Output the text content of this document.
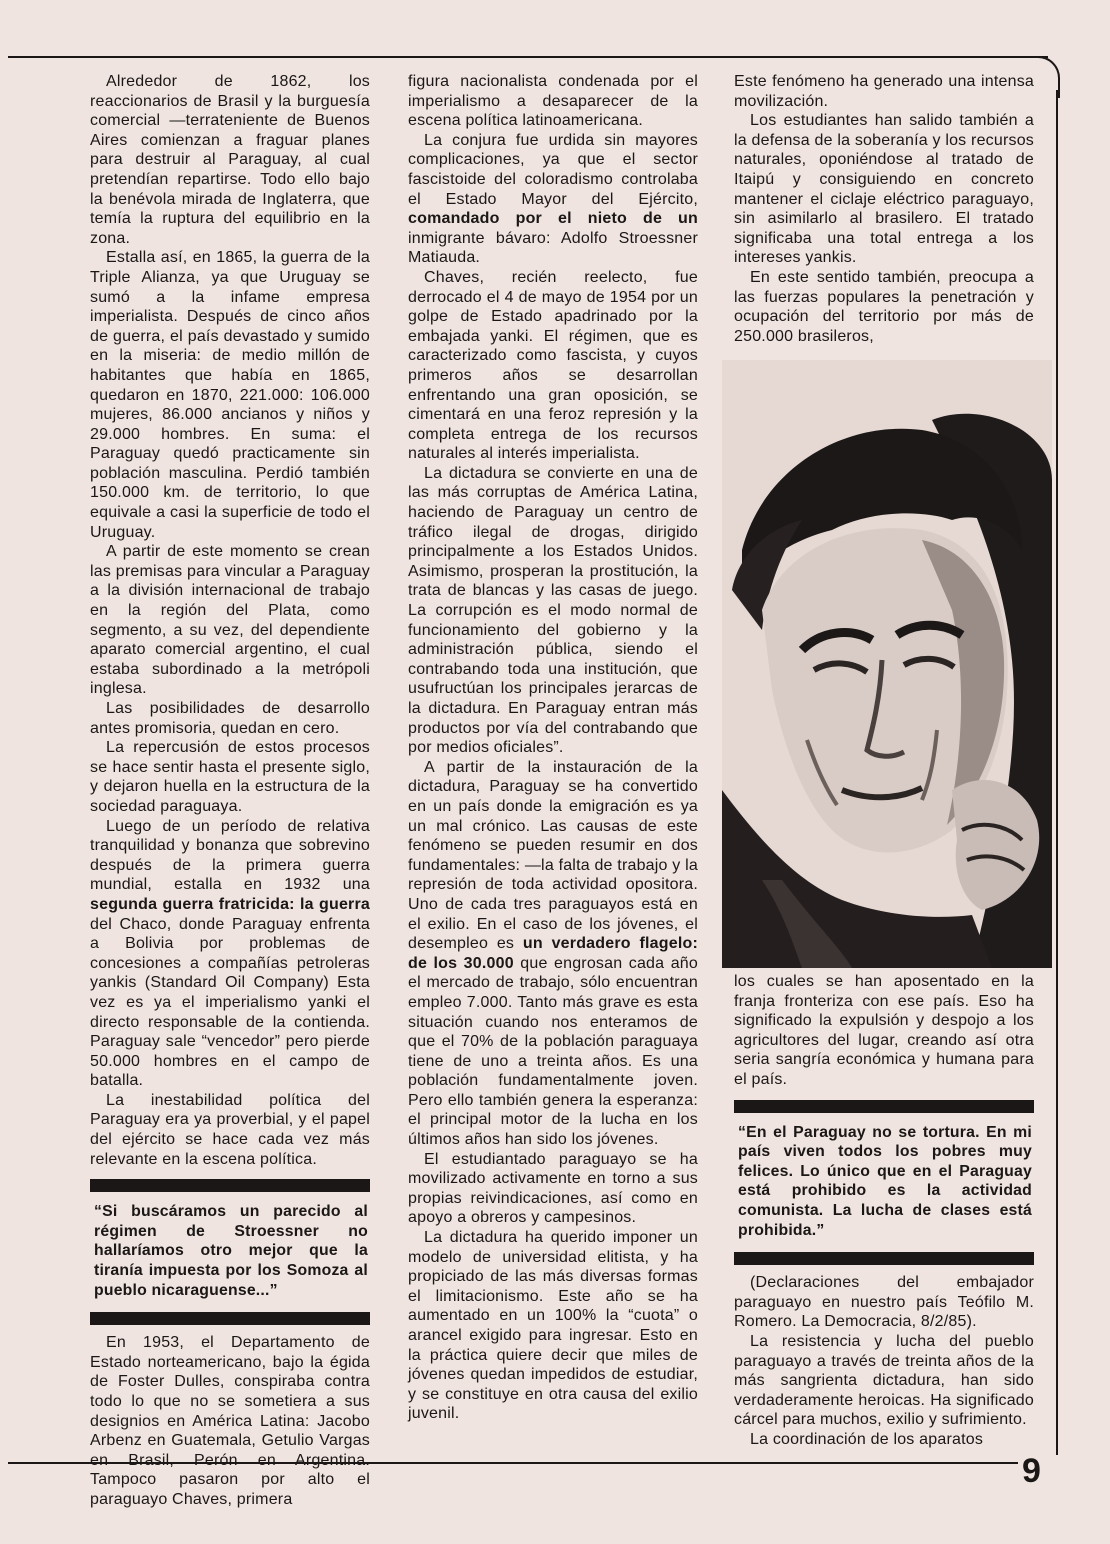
9

Alrededor de 1862, los reaccionarios de Brasil y la burguesía comercial —terrateniente de Buenos Aires comienzan a fraguar planes para destruir al Paraguay, al cual pretendían repartirse. Todo ello bajo la benévola mirada de Inglaterra, que temía la ruptura del equilibrio en la zona.

Estalla así, en 1865, la guerra de la Triple Alianza, ya que Uruguay se sumó a la infame empresa imperialista. Después de cinco años de guerra, el país devastado y sumido en la miseria: de medio millón de habitantes que había en 1865, quedaron en 1870, 221.000: 106.000 mujeres, 86.000 ancianos y niños y 29.000 hombres. En suma: el Paraguay quedó practicamente sin población masculina. Perdió también 150.000 km. de territorio, lo que equivale a casi la superficie de todo el Uruguay.

A partir de este momento se crean las premisas para vincular a Paraguay a la división internacional de trabajo en la región del Plata, como segmento, a su vez, del dependiente aparato comercial argentino, el cual estaba subordinado a la metrópoli inglesa.

Las posibilidades de desarrollo antes promisoria, quedan en cero.

La repercusión de estos procesos se hace sentir hasta el presente siglo, y dejaron huella en la estructura de la sociedad paraguaya.

Luego de un período de relativa tranquilidad y bonanza que sobrevino después de la primera guerra mundial, estalla en 1932 una segunda guerra fratricida: la guerra del Chaco, donde Paraguay enfrenta a Bolivia por problemas de concesiones a compañías petroleras yankis (Standard Oil Company) Esta vez es ya el imperialismo yanki el directo responsable de la contienda. Paraguay sale “vencedor” pero pierde 50.000 hombres en el campo de batalla.

La inestabilidad política del Paraguay era ya proverbial, y el papel del ejército se hace cada vez más relevante en la escena política.

“Si buscáramos un parecido al régimen de Stroessner no hallaríamos otro mejor que la tiranía impuesta por los Somoza al pueblo nicaraguense...”

En 1953, el Departamento de Estado norteamericano, bajo la égida de Foster Dulles, conspiraba contra todo lo que no se sometiera a sus designios en América Latina: Jacobo Arbenz en Guatemala, Getulio Vargas en Brasil, Perón en Argentina. Tampoco pasaron por alto el paraguayo Chaves, primera

figura nacionalista condenada por el imperialismo a desaparecer de la escena política latinoamericana.

La conjura fue urdida sin mayores complicaciones, ya que el sector fascistoide del coloradismo controlaba el Estado Mayor del Ejército, comandado por el nieto de un inmigrante bávaro: Adolfo Stroessner Matiauda.

Chaves, recién reelecto, fue derrocado el 4 de mayo de 1954 por un golpe de Estado apadrinado por la embajada yanki. El régimen, que es caracterizado como fascista, y cuyos primeros años se desarrollan enfrentando una gran oposición, se cimentará en una feroz represión y la completa entrega de los recursos naturales al interés imperialista.

La dictadura se convierte en una de las más corruptas de América Latina, haciendo de Paraguay un centro de tráfico ilegal de drogas, dirigido principalmente a los Estados Unidos. Asimismo, prosperan la prostitución, la trata de blancas y las casas de juego. La corrupción es el modo normal de funcionamiento del gobierno y la administración pública, siendo el contrabando toda una institución, que usufructúan los principales jerarcas de la dictadura. En Paraguay entran más productos por vía del contrabando que por medios oficiales”.

A partir de la instauración de la dictadura, Paraguay se ha convertido en un país donde la emigración es ya un mal crónico. Las causas de este fenómeno se pueden resumir en dos fundamentales: —la falta de trabajo y la represión de toda actividad opositora. Uno de cada tres paraguayos está en el exilio. En el caso de los jóvenes, el desempleo es un verdadero flagelo: de los 30.000 que engrosan cada año el mercado de trabajo, sólo encuentran empleo 7.000. Tanto más grave es esta situación cuando nos enteramos de que el 70% de la población paraguaya tiene de uno a treinta años. Es una población fundamentalmente joven. Pero ello también genera la esperanza: el principal motor de la lucha en los últimos años han sido los jóvenes.

El estudiantado paraguayo se ha movilizado activamente en torno a sus propias reivindicaciones, así como en apoyo a obreros y campesinos.

La dictadura ha querido imponer un modelo de universidad elitista, y ha propiciado de las más diversas formas el limitacionismo. Este año se ha aumentado en un 100% la “cuota” o arancel exigido para ingresar. Esto en la práctica quiere decir que miles de jóvenes quedan impedidos de estudiar, y se constituye en otra causa del exilio juvenil.

Este fenómeno ha generado una intensa movilización.

Los estudiantes han salido también a la defensa de la soberanía y los recursos naturales, oponiéndose al tratado de Itaipú y consiguiendo en concreto mantener el ciclaje eléctrico paraguayo, sin asimilarlo al brasilero. El tratado significaba una total entrega a los intereses yankis.

En este sentido también, preocupa a las fuerzas populares la penetración y ocupación del territorio por más de 250.000 brasileros,

los cuales se han aposentado en la franja fronteriza con ese país. Eso ha significado la expulsión y despojo a los agricultores del lugar, creando así otra seria sangría económica y humana para el país.

“En el Paraguay no se tortura. En mi país viven todos los pobres muy felices. Lo único que en el Paraguay está prohibido es la actividad comunista. La lucha de clases está prohibida.”

(Declaraciones del embajador paraguayo en nuestro país Teófilo M. Romero. La Democracia, 8/2/85).

La resistencia y lucha del pueblo paraguayo a través de treinta años de la más sangrienta dictadura, han sido verdaderamente heroicas. Ha significado cárcel para muchos, exilio y sufrimiento.

La coordinación de los aparatos
